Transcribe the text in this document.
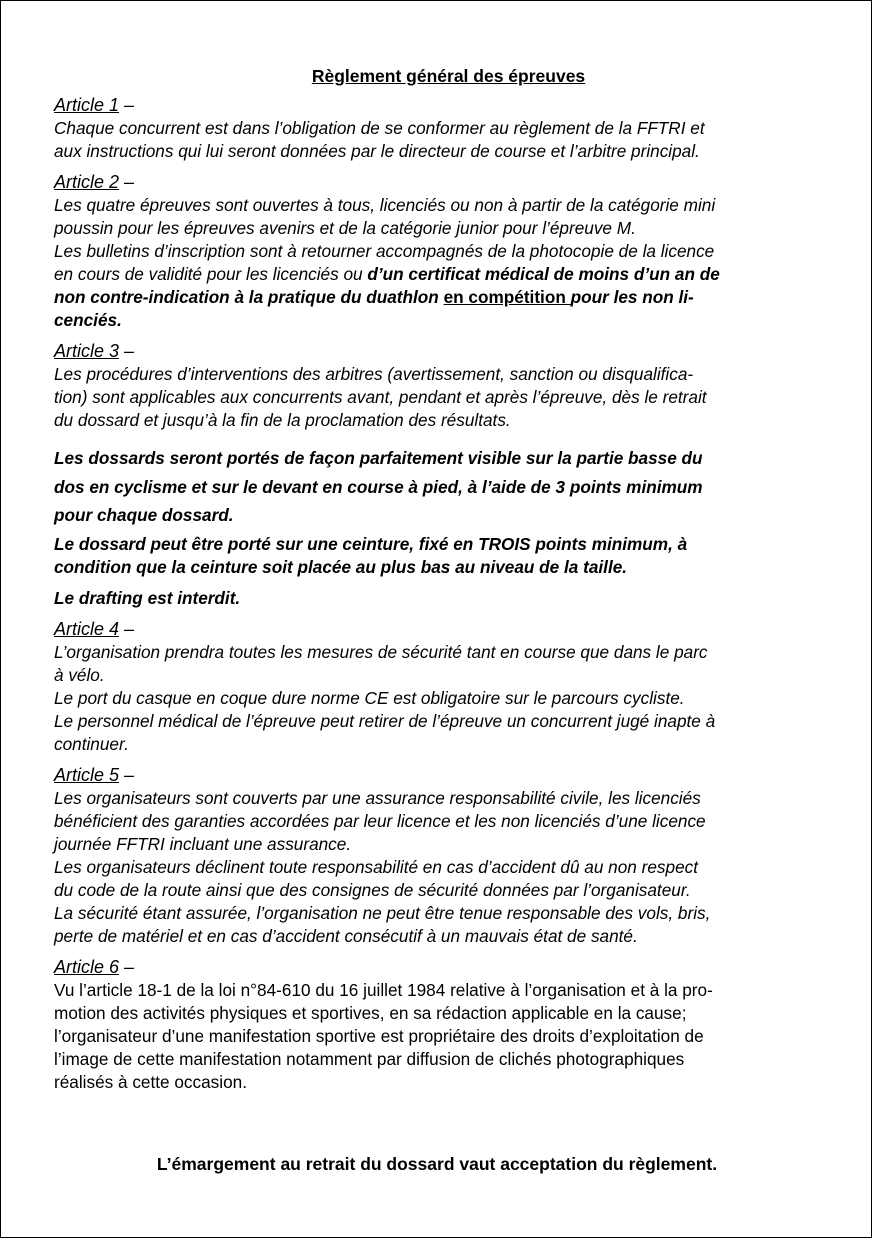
Règlement général des épreuves

Article 1 –

Chaque concurrent est dans l’obligation de se conformer au règlement de la FFTRI et

aux instructions qui lui seront données par le directeur de course et l’arbitre principal.

Article 2 –

Les quatre épreuves sont ouvertes à tous, licenciés ou non à partir de la catégorie mini

poussin pour les épreuves avenirs et de la catégorie junior pour l’épreuve M.

Les bulletins d’inscription sont à retourner accompagnés de la photocopie de la licence

en cours de validité pour les licenciés ou d’un certificat médical de moins d’un an de

non contre-indication à la pratique du duathlon en compétition pour les non li-

cenciés.

Article 3 –

Les procédures d’interventions des arbitres (avertissement, sanction ou disqualifica-

tion) sont applicables aux concurrents avant, pendant et après l’épreuve, dès le retrait

du dossard et jusqu’à la fin de la proclamation des résultats.

Les dossards seront portés de façon parfaitement visible sur la partie basse du

dos en cyclisme et sur le devant en course à pied, à l’aide de 3 points minimum

pour chaque dossard.

Le dossard peut être porté sur une ceinture, fixé en TROIS points minimum, à

condition que la ceinture soit placée au plus bas au niveau de la taille.

Le drafting est interdit.

Article 4 –

L’organisation prendra toutes les mesures de sécurité tant en course que dans le parc

à vélo.

Le port du casque en coque dure norme CE est obligatoire sur le parcours cycliste.

Le personnel médical de l’épreuve peut retirer de l’épreuve un concurrent jugé inapte à

continuer.

Article 5 –

Les organisateurs sont couverts par une assurance responsabilité civile, les licenciés

bénéficient des garanties accordées par leur licence et les non licenciés d’une licence

journée FFTRI incluant une assurance.

Les organisateurs déclinent toute responsabilité en cas d’accident dû au non respect

du code de la route ainsi que des consignes de sécurité données par l’organisateur.

La sécurité étant assurée, l’organisation ne peut être tenue responsable des vols, bris,

perte de matériel et en cas d’accident consécutif à un mauvais état de santé.

Article 6 –

Vu l’article 18-1 de la loi n°84-610 du 16 juillet 1984 relative à l’organisation et à la pro-

motion des activités physiques et sportives, en sa rédaction applicable en la cause;

l’organisateur d’une manifestation sportive est propriétaire des droits d’exploitation de

l’image de cette manifestation notamment par diffusion de clichés photographiques

réalisés à cette occasion.

L’émargement au retrait du dossard vaut acceptation du règlement.
